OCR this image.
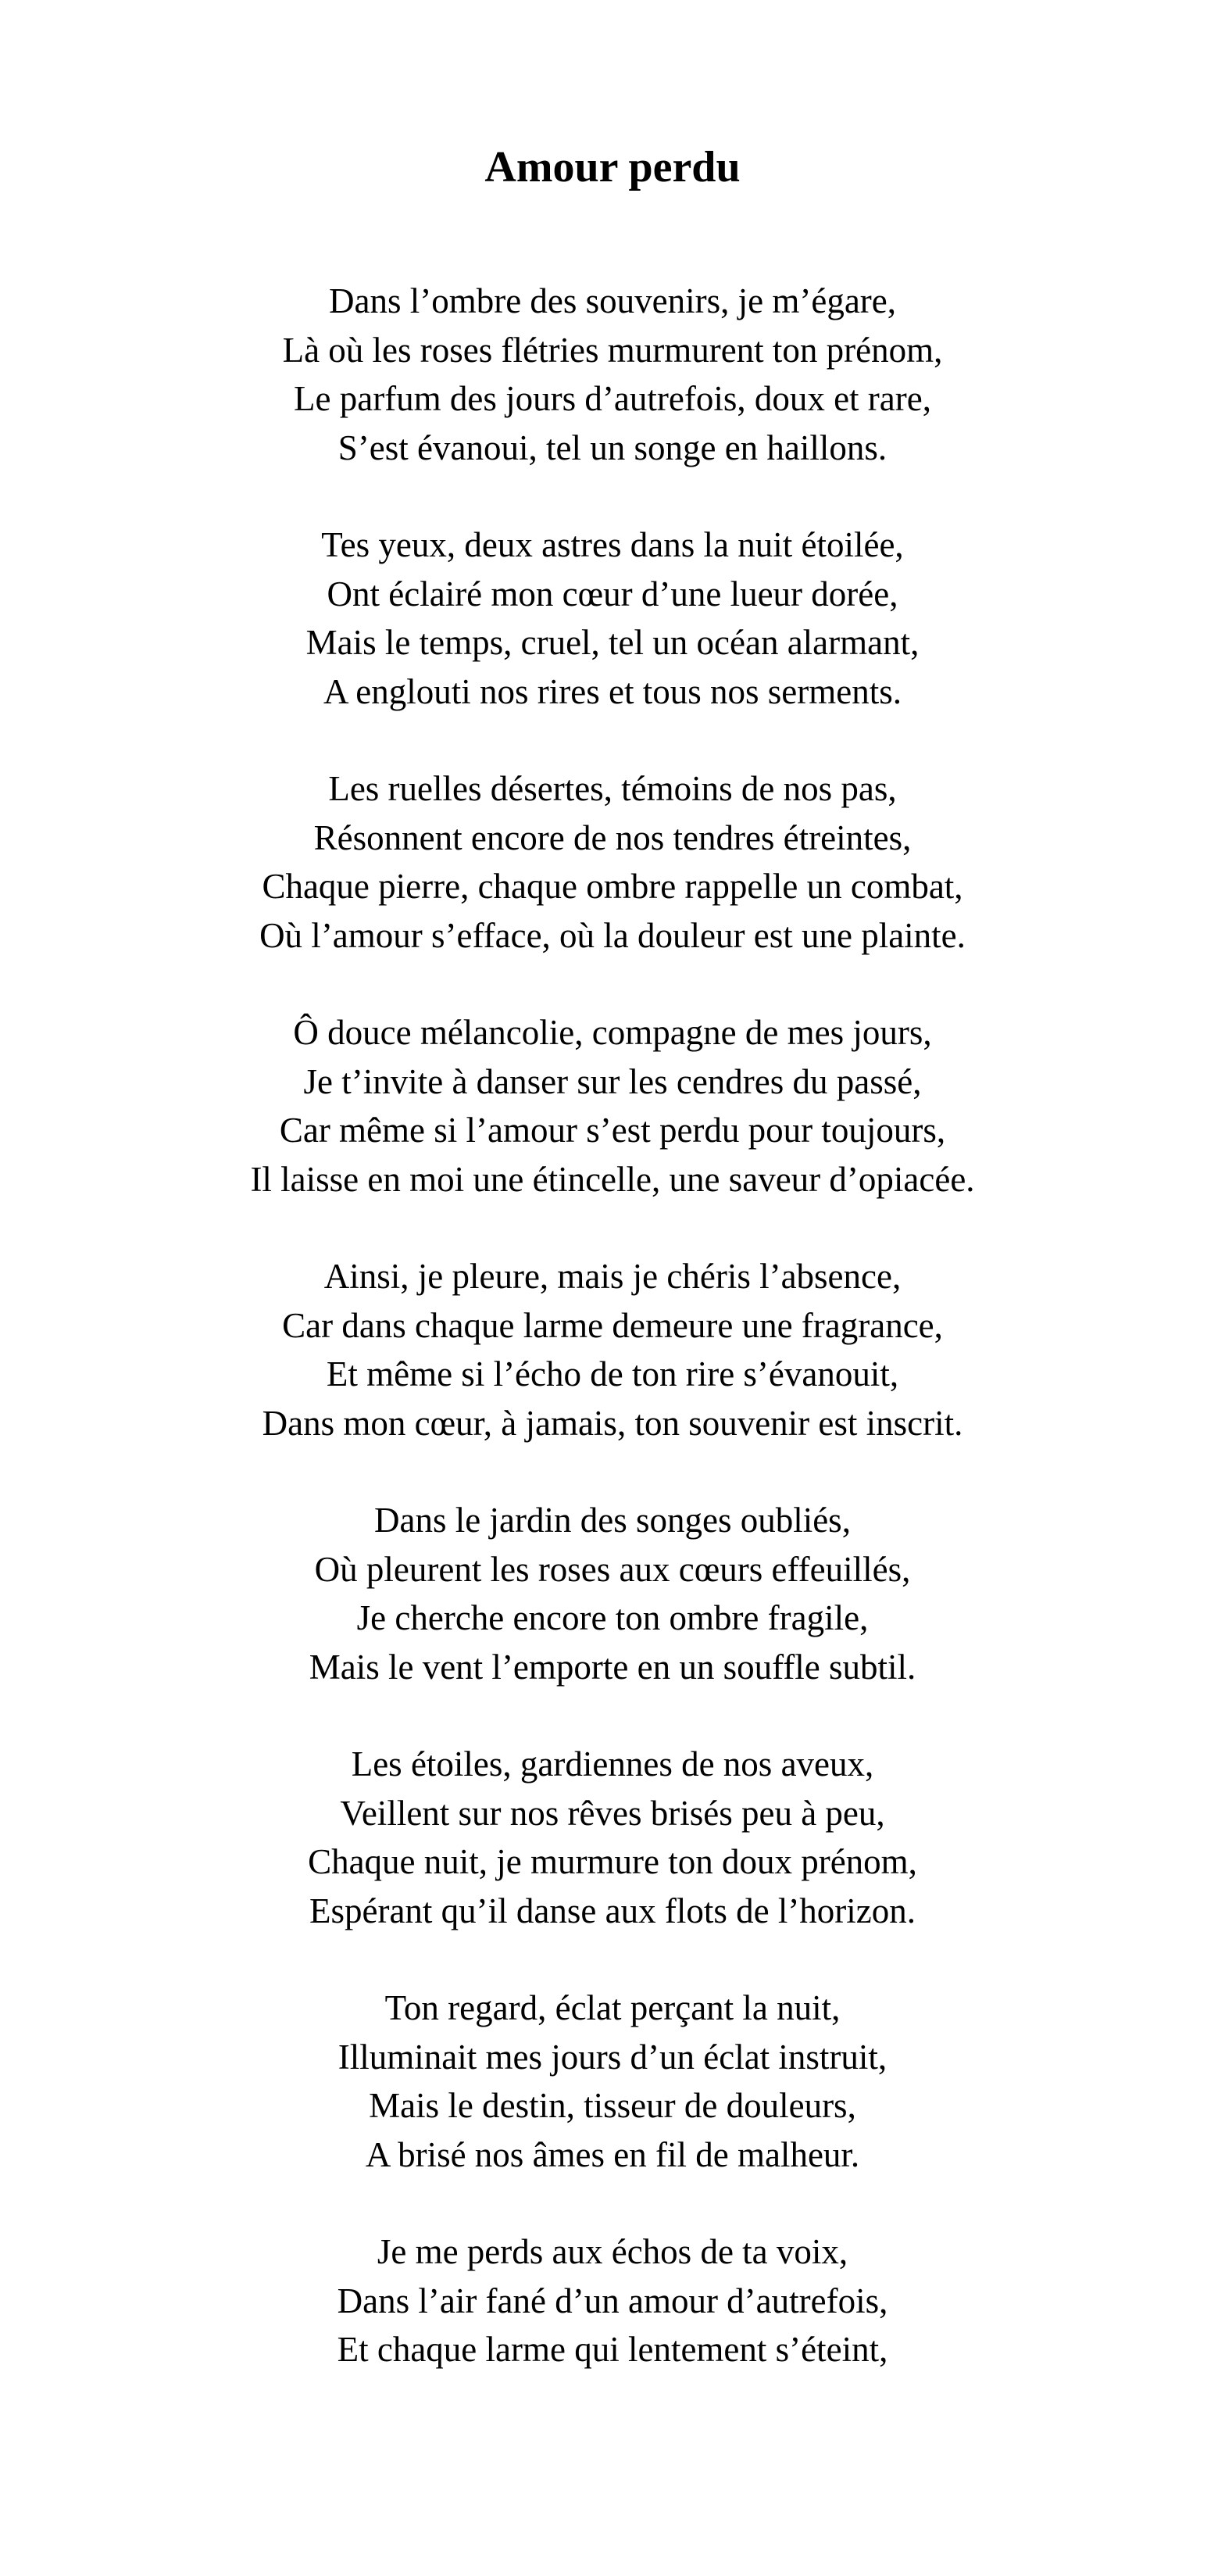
Amour perdu
Dans l’ombre des souvenirs, je m’égare,
Là où les roses flétries murmurent ton prénom,
Le parfum des jours d’autrefois, doux et rare,
S’est évanoui, tel un songe en haillons.
Tes yeux, deux astres dans la nuit étoilée,
Ont éclairé mon cœur d’une lueur dorée,
Mais le temps, cruel, tel un océan alarmant,
A englouti nos rires et tous nos serments.
Les ruelles désertes, témoins de nos pas,
Résonnent encore de nos tendres étreintes,
Chaque pierre, chaque ombre rappelle un combat,
Où l’amour s’efface, où la douleur est une plainte.
Ô douce mélancolie, compagne de mes jours,
Je t’invite à danser sur les cendres du passé,
Car même si l’amour s’est perdu pour toujours,
Il laisse en moi une étincelle, une saveur d’opiacée.
Ainsi, je pleure, mais je chéris l’absence,
Car dans chaque larme demeure une fragrance,
Et même si l’écho de ton rire s’évanouit,
Dans mon cœur, à jamais, ton souvenir est inscrit.
Dans le jardin des songes oubliés,
Où pleurent les roses aux cœurs effeuillés,
Je cherche encore ton ombre fragile,
Mais le vent l’emporte en un souffle subtil.
Les étoiles, gardiennes de nos aveux,
Veillent sur nos rêves brisés peu à peu,
Chaque nuit, je murmure ton doux prénom,
Espérant qu’il danse aux flots de l’horizon.
Ton regard, éclat perçant la nuit,
Illuminait mes jours d’un éclat instruit,
Mais le destin, tisseur de douleurs,
A brisé nos âmes en fil de malheur.
Je me perds aux échos de ta voix,
Dans l’air fané d’un amour d’autrefois,
Et chaque larme qui lentement s’éteint,
